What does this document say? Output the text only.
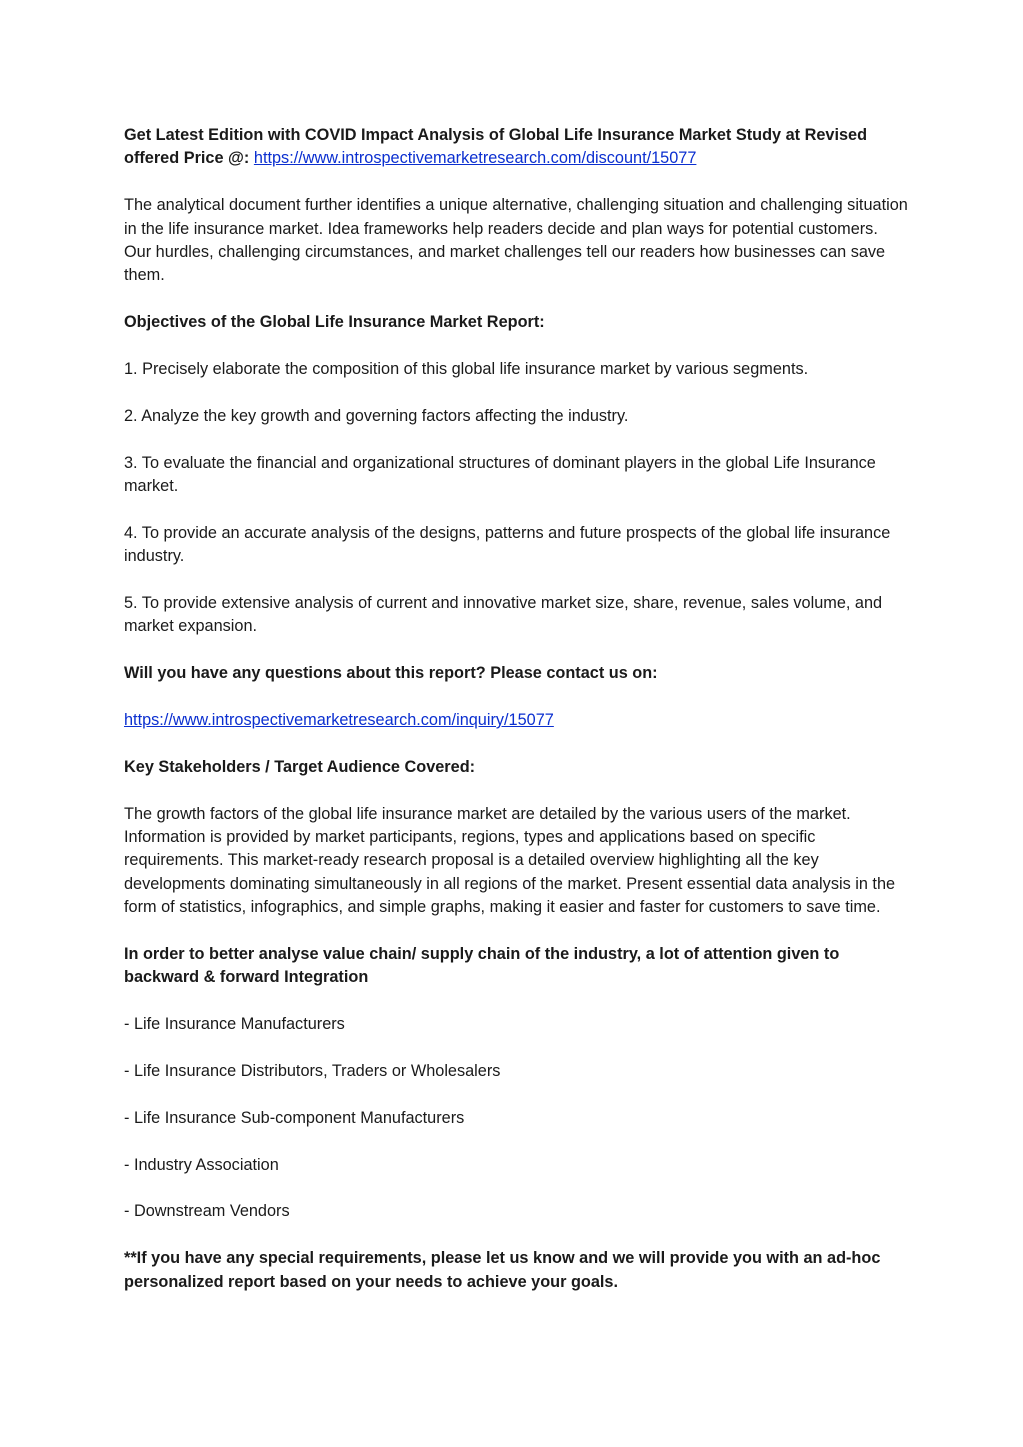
Get Latest Edition with COVID Impact Analysis of Global Life Insurance Market Study at Revised offered Price @: https://www.introspectivemarketresearch.com/discount/15077

The analytical document further identifies a unique alternative, challenging situation and challenging situation in the life insurance market. Idea frameworks help readers decide and plan ways for potential customers. Our hurdles, challenging circumstances, and market challenges tell our readers how businesses can save them.

Objectives of the Global Life Insurance Market Report:

1. Precisely elaborate the composition of this global life insurance market by various segments.

2. Analyze the key growth and governing factors affecting the industry.

3. To evaluate the financial and organizational structures of dominant players in the global Life Insurance market.

4. To provide an accurate analysis of the designs, patterns and future prospects of the global life insurance industry.

5. To provide extensive analysis of current and innovative market size, share, revenue, sales volume, and market expansion.

Will you have any questions about this report? Please contact us on:

https://www.introspectivemarketresearch.com/inquiry/15077

Key Stakeholders / Target Audience Covered:

The growth factors of the global life insurance market are detailed by the various users of the market. Information is provided by market participants, regions, types and applications based on specific requirements. This market-ready research proposal is a detailed overview highlighting all the key developments dominating simultaneously in all regions of the market. Present essential data analysis in the form of statistics, infographics, and simple graphs, making it easier and faster for customers to save time.

In order to better analyse value chain/ supply chain of the industry, a lot of attention given to backward & forward Integration

- Life Insurance Manufacturers

- Life Insurance Distributors, Traders or Wholesalers

- Life Insurance Sub-component Manufacturers

- Industry Association

- Downstream Vendors

**If you have any special requirements, please let us know and we will provide you with an ad-hoc personalized report based on your needs to achieve your goals.
